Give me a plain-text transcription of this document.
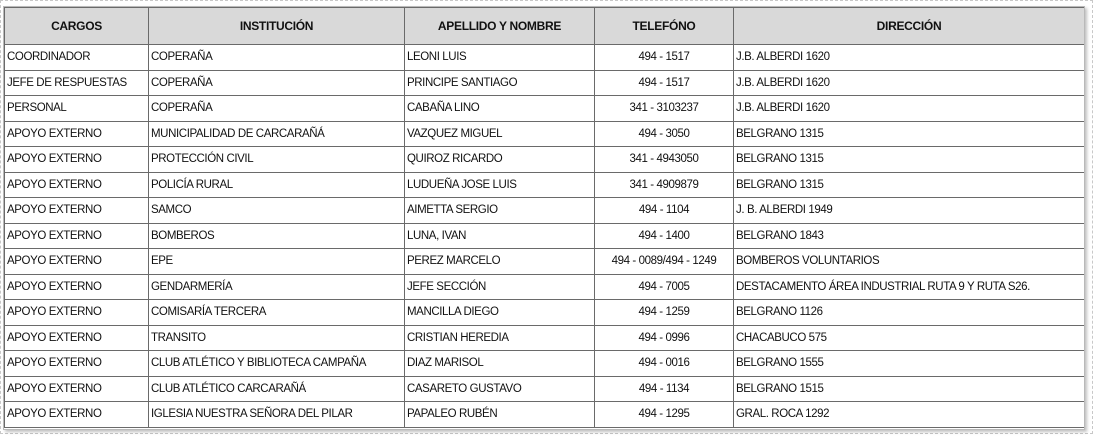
CARGOS	INSTITUCIÓN	APELLIDO Y NOMBRE	TELEFÓNO	DIRECCIÓN
COORDINADOR	COPERAÑA	LEONI LUIS	494 - 1517	J.B. ALBERDI 1620
JEFE DE RESPUESTAS	COPERAÑA	PRINCIPE SANTIAGO	494 - 1517	J.B. ALBERDI 1620
PERSONAL	COPERAÑA	CABAÑA LINO	341 - 3103237	J.B. ALBERDI 1620
APOYO EXTERNO	MUNICIPALIDAD DE CARCARAÑÁ	VAZQUEZ MIGUEL	494 - 3050	BELGRANO 1315
APOYO EXTERNO	PROTECCIÓN CIVIL	QUIROZ RICARDO	341 - 4943050	BELGRANO 1315
APOYO EXTERNO	POLICÍA RURAL	LUDUEÑA JOSE LUIS	341 - 4909879	BELGRANO 1315
APOYO EXTERNO	SAMCO	AIMETTA SERGIO	494 - 1104	J. B. ALBERDI 1949
APOYO EXTERNO	BOMBEROS	LUNA, IVAN	494 - 1400	BELGRANO 1843
APOYO EXTERNO	EPE	PEREZ MARCELO	494 - 0089/494 - 1249	BOMBEROS VOLUNTARIOS
APOYO EXTERNO	GENDARMERÍA	JEFE SECCIÓN	494 - 7005	DESTACAMENTO ÁREA INDUSTRIAL RUTA 9 Y RUTA S26.
APOYO EXTERNO	COMISARÍA TERCERA	MANCILLA DIEGO	494 - 1259	BELGRANO 1126
APOYO EXTERNO	TRANSITO	CRISTIAN HEREDIA	494 - 0996	CHACABUCO 575
APOYO EXTERNO	CLUB ATLÉTICO Y BIBLIOTECA CAMPAÑA	DIAZ MARISOL	494 - 0016	BELGRANO 1555
APOYO EXTERNO	CLUB ATLÉTICO CARCARAÑÁ	CASARETO GUSTAVO	494 - 1134	BELGRANO 1515
APOYO EXTERNO	IGLESIA NUESTRA SEÑORA DEL PILAR	PAPALEO RUBÉN	494 - 1295	GRAL. ROCA 1292
